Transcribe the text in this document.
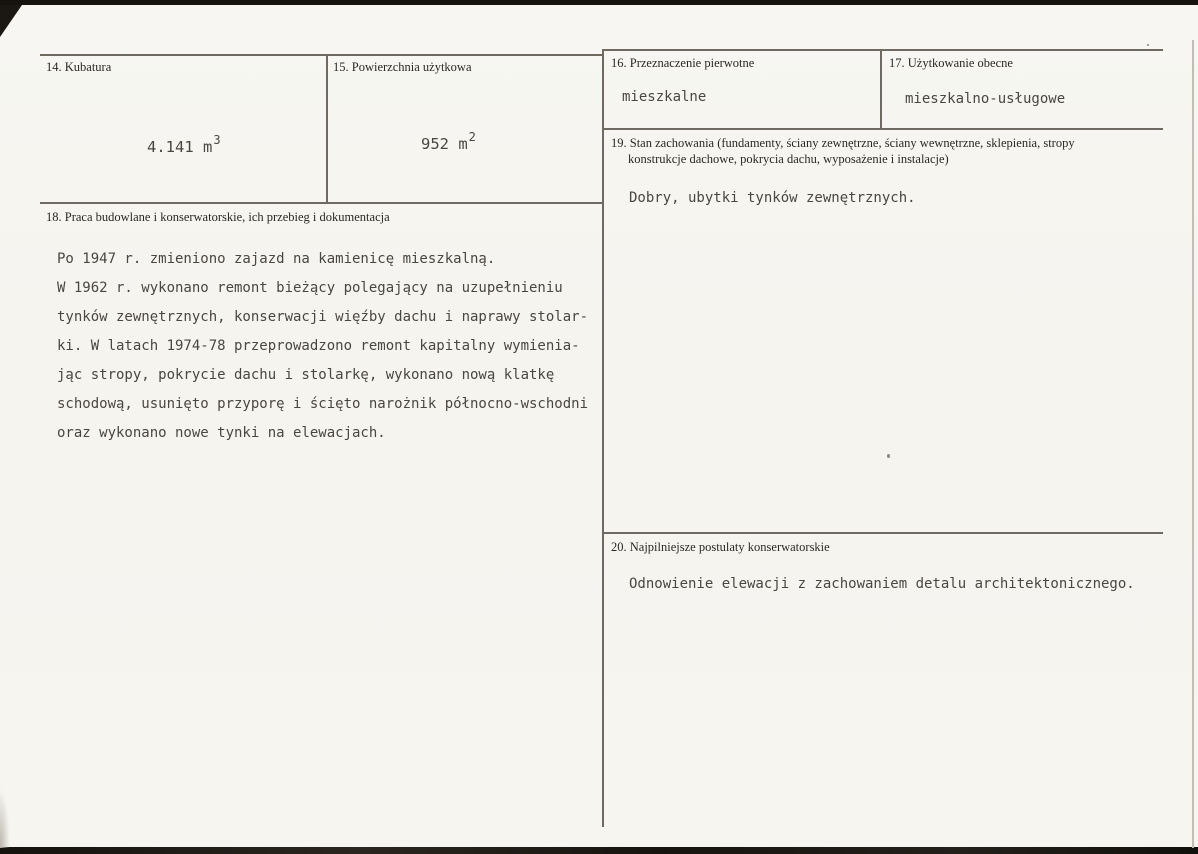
14. Kubatura
4.141 $m^3$
15. Powierzchnia użytkowa
952 $m^2$
16. Przeznaczenie pierwotne
mieszkalne
17. Użytkowanie obecne
mieszkalno-usługowe
19. Stan zachowania (fundamenty, ściany zewnętrzne, ściany wewnętrzne, sklepienia, stropy
konstrukcje dachowe, pokrycia dachu, wyposażenie i instalacje)
Dobry, ubytki tynków zewnętrznych.
18. Praca budowlane i konserwatorskie, ich przebieg i dokumentacja
Po 1947 r. zmieniono zajazd na kamienicę mieszkalną.
W 1962 r. wykonano remont bieżący polegający na uzupełnieniu
tynków zewnętrznych, konserwacji więźby dachu i naprawy stolar-
ki. W latach 1974-78 przeprowadzono remont kapitalny wymienia-
jąc stropy, pokrycie dachu i stolarkę, wykonano nową klatkę
schodową, usunięto przyporę i ścięto narożnik północno-wschodni
oraz wykonano nowe tynki na elewacjach.
20. Najpilniejsze postulaty konserwatorskie
Odnowienie elewacji z zachowaniem detalu architektonicznego.
